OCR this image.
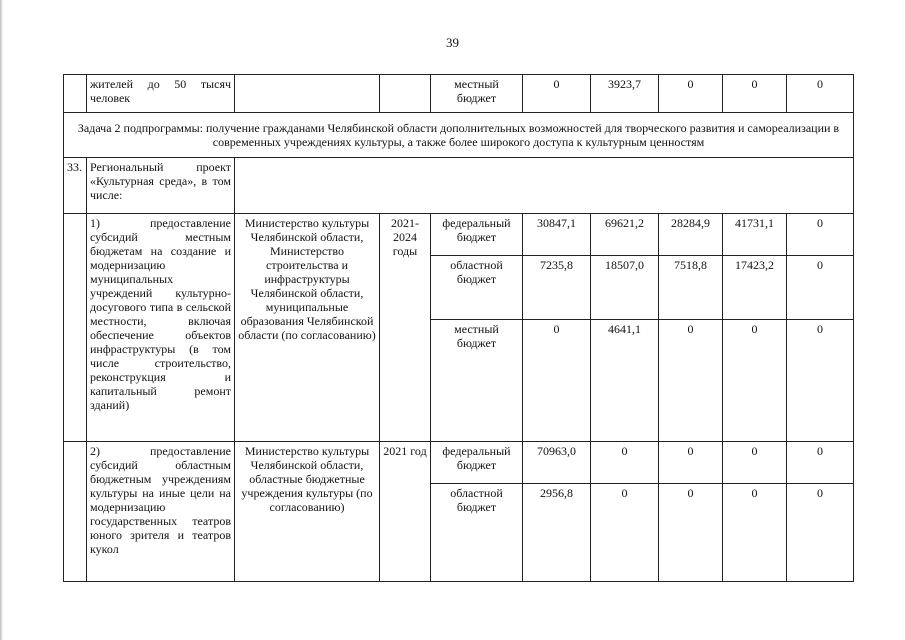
39
	жителей до 50 тысяч человек			местный бюджет	0	3923,7	0	0	0
Задача 2 подпрограммы: получение гражданами Челябинской области дополнительных возможностей для творческого развития и самореализации в современных учреждениях культуры, а также более широкого доступа к культурным ценностям									
33.	Региональный проект «Культурная среда», в том числе:								
	1) предоставление субсидий местным бюджетам на создание и модернизацию муниципальных учреждений культурно-досугового типа в сельской местности, включая обеспечение объектов инфраструктуры (в том числе строительство, реконструкция и капитальный ремонт зданий)	Министерство культуры Челябинской области, Министерство строительства и инфраструктуры Челябинской области, муниципальные образования Челябинской области (по согласованию)	2021-2024 годы	федеральный бюджет	30847,1	69621,2	28284,9	41731,1	0
				областной бюджет	7235,8	18507,0	7518,8	17423,2	0
				местный бюджет	0	4641,1	0	0	0
	2) предоставление субсидий областным бюджетным учреждениям культуры на иные цели на модернизацию государственных театров юного зрителя и театров кукол	Министерство культуры Челябинской области, областные бюджетные учреждения культуры (по согласованию)	2021 год	федеральный бюджет	70963,0	0	0	0	0
				областной бюджет	2956,8	0	0	0	0
